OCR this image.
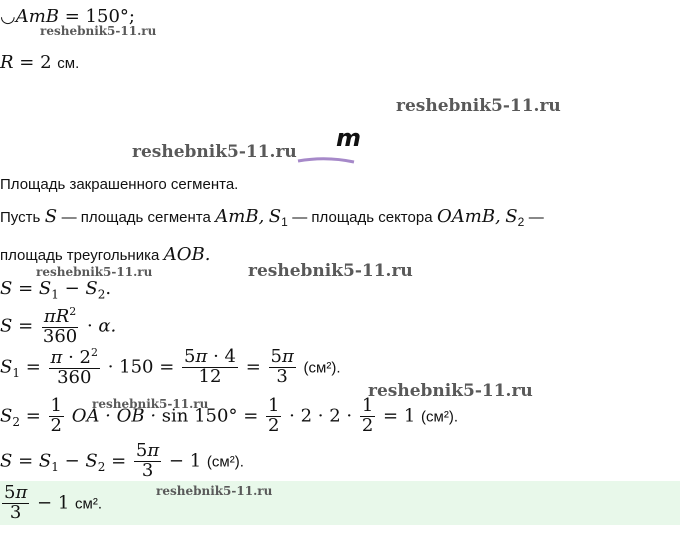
◡AmB = 150°;
R = 2 см.
m
Площадь закрашенного сегмента.
Пусть S — площадь сегмента AmB, $S_1$ — площадь сектора OAmB, $S_2$ —
площадь треугольника AOB.
$S = S_1 - S_2$.
$S = \frac{\pi R^2}{360} \cdot \alpha$.
$S_1 = \frac{\pi \cdot 2^2}{360} \cdot 150 = \frac{5\pi \cdot 4}{12} = \frac{5\pi}{3} (см^2)$.
$S_2 = \frac{1}{2}$ OA · OB · $\sin 150^\circ = \frac{1}{2} \cdot 2 \cdot 2 \cdot \frac{1}{2} = 1$ (см²).
$S = S_1 - S_2 = \frac{5\pi}{3} - 1$ (см²).
$\frac{5\pi}{3} - 1$ см².
reshebnik5-11.ru
reshebnik5-11.ru
reshebnik5-11.ru
reshebnik5-11.ru	reshebnik5-11.ru
reshebnik5-11.ru
reshebnik5-11.ru
reshebnik5-11.ru
